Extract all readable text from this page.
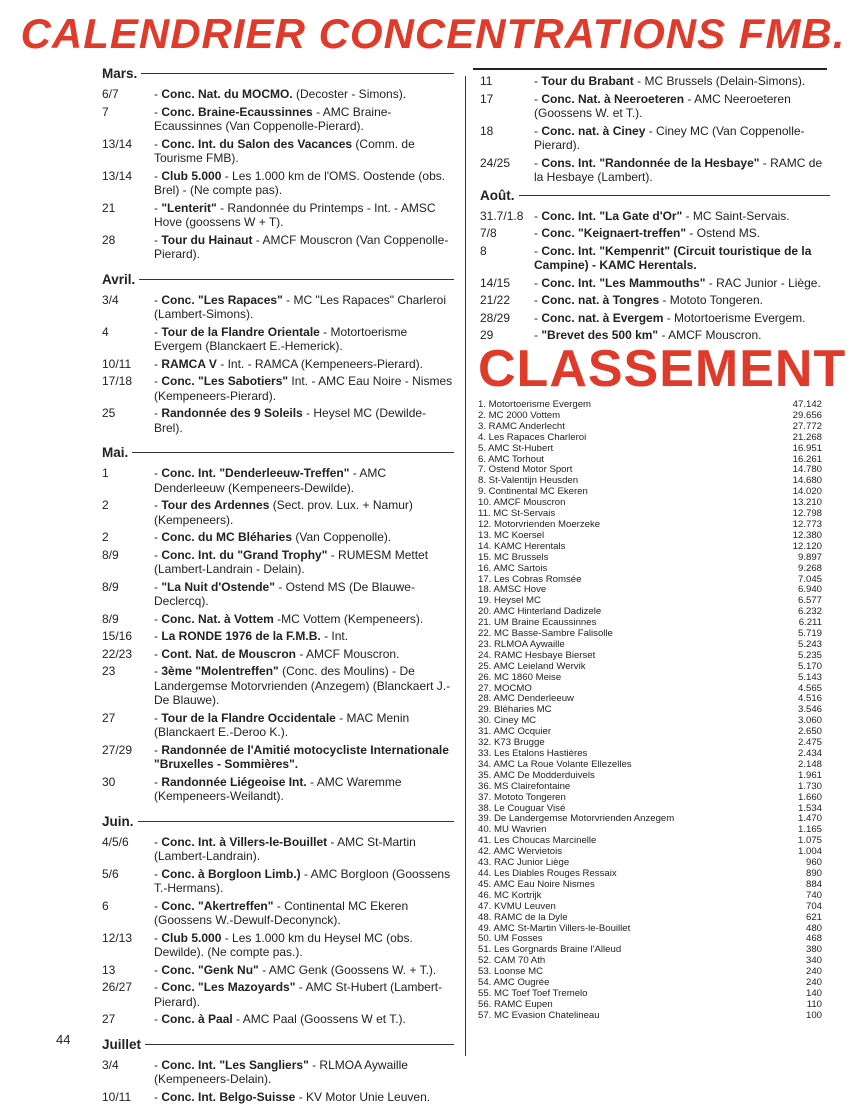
CALENDRIER CONCENTRATIONS FMB.
Mars.
6/7	- Conc. Nat. du MOCMO. (Decoster - Simons).
7	- Conc. Braine-Ecaussinnes - AMC Braine-Ecaussinnes (Van Coppenolle-Pierard).
13/14	- Conc. Int. du Salon des Vacances (Comm. de Tourisme FMB).
13/14	- Club 5.000 - Les 1.000 km de l'OMS. Oostende (obs. Brel) - (Ne compte pas).
21	- "Lenterit" - Randonnée du Printemps - Int. - AMSC Hove (goossens W + T).
28	- Tour du Hainaut - AMCF Mouscron (Van Coppenolle-Pierard).
Avril.
3/4	- Conc. "Les Rapaces" - MC "Les Rapaces" Charleroi (Lambert-Simons).
4	- Tour de la Flandre Orientale - Motortoerisme Evergem (Blanckaert E.-Hemerick).
10/11	- RAMCA V - Int. - RAMCA (Kempeneers-Pierard).
17/18	- Conc. "Les Sabotiers" Int. - AMC Eau Noire - Nismes (Kempeneers-Pierard).
25	- Randonnée des 9 Soleils - Heysel MC (Dewilde-Brel).
Mai.
1	- Conc. Int. "Denderleeuw-Treffen" - AMC Denderleeuw (Kempeneers-Dewilde).
2	- Tour des Ardennes (Sect. prov. Lux. + Namur) (Kempeneers).
2	- Conc. du MC Bléharies (Van Coppenolle).
8/9	- Conc. Int. du "Grand Trophy" - RUMESM Mettet (Lambert-Landrain - Delain).
8/9	- "La Nuit d'Ostende" - Ostend MS (De Blauwe-Declercq).
8/9	- Conc. Nat. à Vottem -MC Vottem (Kempeneers).
15/16	- La RONDE 1976 de la F.M.B. - Int.
22/23	- Cont. Nat. de Mouscron - AMCF Mouscron.
23	- 3ème "Molentreffen" (Conc. des Moulins) - De Landergemse Motorvrienden (Anzegem) (Blanckaert J.-De Blauwe).
27	- Tour de la Flandre Occidentale - MAC Menin (Blanckaert E.-Deroo K.).
27/29	- Randonnée de l'Amitié motocycliste Internationale "Bruxelles - Sommières".
30	- Randonnée Liégeoise Int. - AMC Waremme (Kempeneers-Weilandt).
Juin.
4/5/6	- Conc. Int. à Villers-le-Bouillet - AMC St-Martin (Lambert-Landrain).
5/6	- Conc. à Borgloon Limb.) - AMC Borgloon (Goossens T.-Hermans).
6	- Conc. "Akertreffen" - Continental MC Ekeren (Goossens W.-Dewulf-Deconynck).
12/13	- Club 5.000 - Les 1.000 km du Heysel MC (obs. Dewilde). (Ne compte pas.).
13	- Conc. "Genk Nu" - AMC Genk (Goossens W. + T.).
26/27	- Conc. "Les Mazoyards" - AMC St-Hubert (Lambert-Pierard).
27	- Conc. à Paal - AMC Paal (Goossens W et T.).
Juillet
3/4	- Conc. Int. "Les Sangliers" - RLMOA Aywaille (Kempeneers-Delain).
10/11	- Conc. Int. Belgo-Suisse - KV Motor Unie Leuven.
11	- Tour du Brabant - MC Brussels (Delain-Simons).
17	- Conc. Nat. à Neeroeteren - AMC Neeroeteren (Goossens W. et T.).
18	- Conc. nat. à Ciney - Ciney MC (Van Coppenolle-Pierard).
24/25	- Cons. Int. "Randonnée de la Hesbaye" - RAMC de la Hesbaye (Lambert).
Août.
31.7/1.8 - Conc. Int. "La Gate d'Or" - MC Saint-Servais.
7/8	- Conc. "Keignaert-treffen" - Ostend MS.
8	- Conc. Int. "Kempenrit" (Circuit touristique de la Campine) - KAMC Herentals.
14/15	- Conc. Int. "Les Mammouths" - RAC Junior - Liège.
21/22	- Conc. nat. à Tongres - Mototo Tongeren.
28/29	- Conc. nat. à Evergem - Motortoerisme Evergem.
29	- "Brevet des 500 km" - AMCF Mouscron.
CLASSEMENT
1. Motortoerisme Evergem	47.142
2. MC 2000 Vottem	29.656
3. RAMC Anderlecht	27.772
4. Les Rapaces Charleroi	21.268
5. AMC St-Hubert	16.951
6. AMC Torhout	16.261
7. Ostend Motor Sport	14.780
8. St-Valentijn Heusden	14.680
9. Continental MC Ekeren	14.020
10. AMCF Mouscron	13.210
11. MC St-Servais	12.798
12. Motorvrienden Moerzeke	12.773
13. MC Koersel	12.380
14. KAMC Herentals	12.120
15. MC Brussels	9.897
16. AMC Sartois	9.268
17. Les Cobras Romsée	7.045
18. AMSC Hove	6.940
19. Heysel MC	6.577
20. AMC Hinterland Dadizele	6.232
21. UM Braine Ecaussinnes	6.211
22. MC Basse-Sambre Falisolle	5.719
23. RLMOA Aywaille	5.243
24. RAMC Hesbaye Bierset	5.235
25. AMC Leieland Wervik	5.170
26. MC 1860 Meise	5.143
27. MOCMO	4.565
28. AMC Denderleeuw	4.516
29. Bléharies MC	3.546
30. Ciney MC	3.060
31. AMC Ocquier	2.650
32. K73 Brugge	2.475
33. Les Etalons Hastières	2.434
34. AMC La Roue Volante Ellezelles	2.148
35. AMC De Modderduivels	1.961
36. MS Clairefontaine	1.730
37. Mototo Tongeren	1.660
38. Le Couguar Visé	1.534
39. De Landergemse Motorvrienden Anzegem	1.470
40. MU Wavrien	1.165
41. Les Choucas Marcinelle	1.075
42. AMC Wervietois	1.004
43. RAC Junior Liège	960
44. Les Diables Rouges Ressaix	890
45. AMC Eau Noire Nismes	884
46. MC Kortrijk	740
47. KVMU Leuven	704
48. RAMC de la Dyle	621
49. AMC St-Martin Villers-le-Bouillet	480
50. UM Fosses	468
51. Les Gorgnards Braine l'Alleud	380
52. CAM 70 Ath	340
53. Loonse MC	240
54. AMC Ougrée	240
55. MC Toef Toef Tremelo	140
56. RAMC Eupen	110
57. MC Evasion Chatelineau	100
44
